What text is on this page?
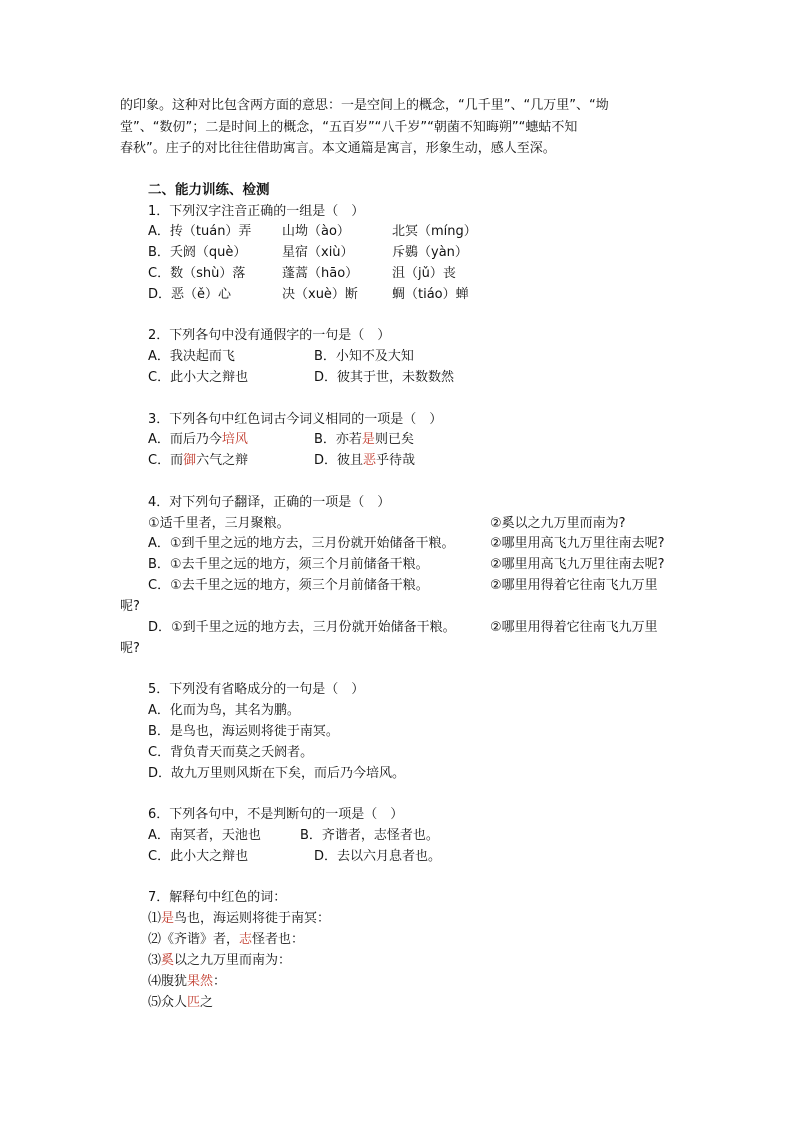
的印象。这种对比包含两方面的意思：一是空间上的概念，“几千里”、“几万里”、“坳
堂”、“数仞”；二是时间上的概念，“五百岁”“八千岁”“朝菌不知晦朔”“蟪蛄不知
春秋”。庄子的对比往往借助寓言。本文通篇是寓言，形象生动，感人至深。
二、能力训练、检测
1．下列汉字注音正确的一组是（　）
A．抟（tuán）弄 山坳（ào）	北冥（míng）
B．夭阏（què）	星宿（xiù）	斥鷃（yàn）
C．数（shù）落	蓬蒿（hāo）	沮（jǔ）丧
D．恶（ě）心	决（xuè）断	蜩（tiáo）蝉
2．下列各句中没有通假字的一句是（　）
A．我决起而飞	B．小知不及大知
C．此小大之辩也	D．彼其于世，未数数然
3．下列各句中红色词古今词义相同的一项是（　）
A．而后乃今培风	B．亦若是则已矣
C．而御六气之辩	D．彼且恶乎待哉
4．对下列句子翻译，正确的一项是（　）
①适千里者，三月聚粮。	②奚以之九万里而南为?
A．①到千里之远的地方去，三月份就开始储备干粮。	②哪里用高飞九万里往南去呢?
B．①去千里之远的地方，须三个月前储备干粮。	②哪里用高飞九万里往南去呢?
C．①去千里之远的地方，须三个月前储备干粮。	②哪里用得着它往南飞九万里
呢?
D．①到千里之远的地方去，三月份就开始储备干粮。	②哪里用得着它往南飞九万里
呢?
5．下列没有省略成分的一句是（　）
A．化而为鸟，其名为鹏。
B．是鸟也，海运则将徙于南冥。
C．背负青天而莫之夭阏者。
D．故九万里则风斯在下矣，而后乃今培风。
6．下列各句中，不是判断句的一项是（　）
A．南冥者，天池也	B．齐谐者，志怪者也。
C．此小大之辩也	D．去以六月息者也。
7．解释句中红色的词：
⑴是鸟也，海运则将徙于南冥：
⑵《齐谐》者，志怪者也：
⑶奚以之九万里而南为：
⑷腹犹果然：
⑸众人匹之
